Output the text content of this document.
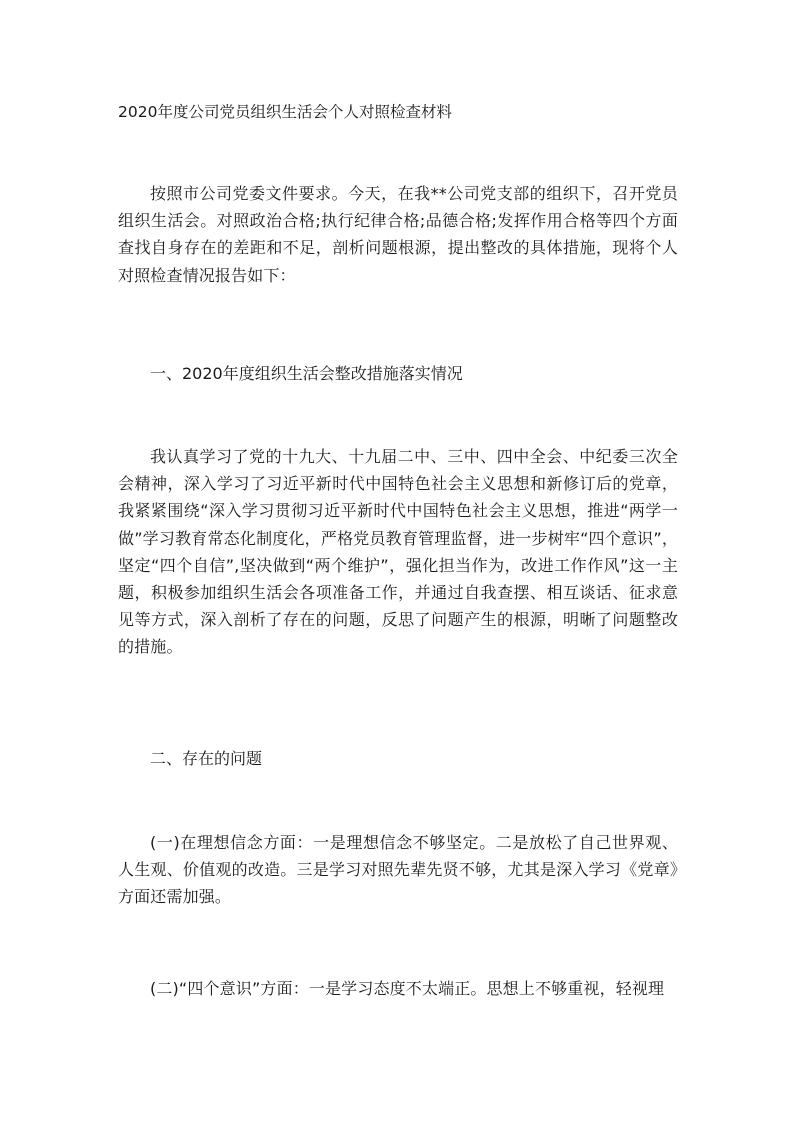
2020年度公司党员组织生活会个人对照检查材料

按照市公司党委文件要求。今天，在我**公司党支部的组织下，召开党员组织生活会。对照政治合格;执行纪律合格;品德合格;发挥作用合格等四个方面查找自身存在的差距和不足，剖析问题根源，提出整改的具体措施，现将个人对照检查情况报告如下：

一、2020年度组织生活会整改措施落实情况

我认真学习了党的十九大、十九届二中、三中、四中全会、中纪委三次全会精神，深入学习了习近平新时代中国特色社会主义思想和新修订后的党章，我紧紧围绕“深入学习贯彻习近平新时代中国特色社会主义思想，推进“两学一做”学习教育常态化制度化，严格党员教育管理监督，进一步树牢“四个意识”，坚定“四个自信”,坚决做到“两个维护”，强化担当作为，改进工作作风”这一主题，积极参加组织生活会各项准备工作，并通过自我查摆、相互谈话、征求意见等方式，深入剖析了存在的问题，反思了问题产生的根源，明晰了问题整改的措施。

二、存在的问题

(一)在理想信念方面：一是理想信念不够坚定。二是放松了自己世界观、人生观、价值观的改造。三是学习对照先辈先贤不够，尤其是深入学习《党章》方面还需加强。

(二)“四个意识”方面：一是学习态度不太端正。思想上不够重视，轻视理
